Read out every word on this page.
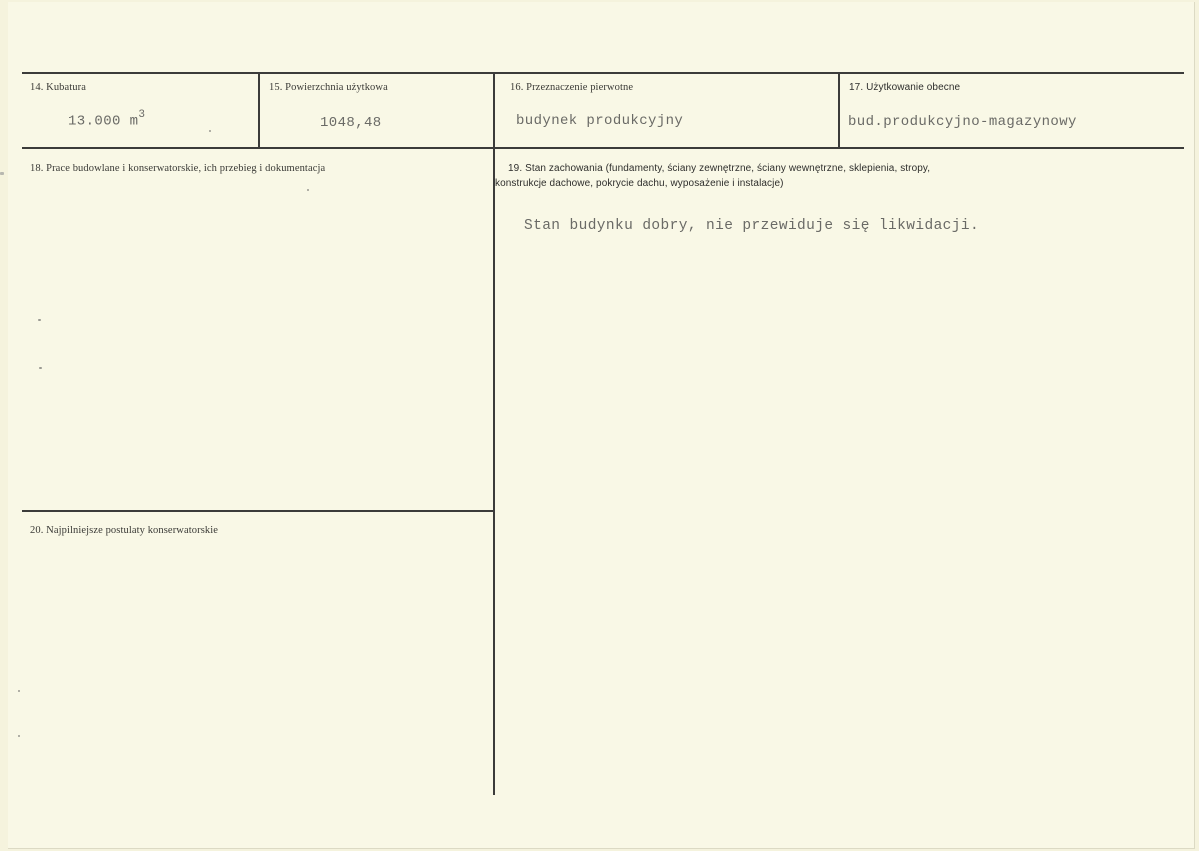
14. Kubatura
13.000 $m^3$
15. Powierzchnia użytkowa
1048,48
16. Przeznaczenie pierwotne
budynek produkcyjny
17. Użytkowanie obecne
bud.produkcyjno-magazynowy
18. Prace budowlane i konserwatorskie, ich przebieg i dokumentacja	19. Stan zachowania (fundamenty, ściany zewnętrzne, ściany wewnętrzne, sklepienia, stropy,
konstrukcje dachowe, pokrycie dachu, wyposażenie i instalacje)
Stan budynku dobry, nie przewiduje się likwidacji.
20. Najpilniejsze postulaty konserwatorskie
